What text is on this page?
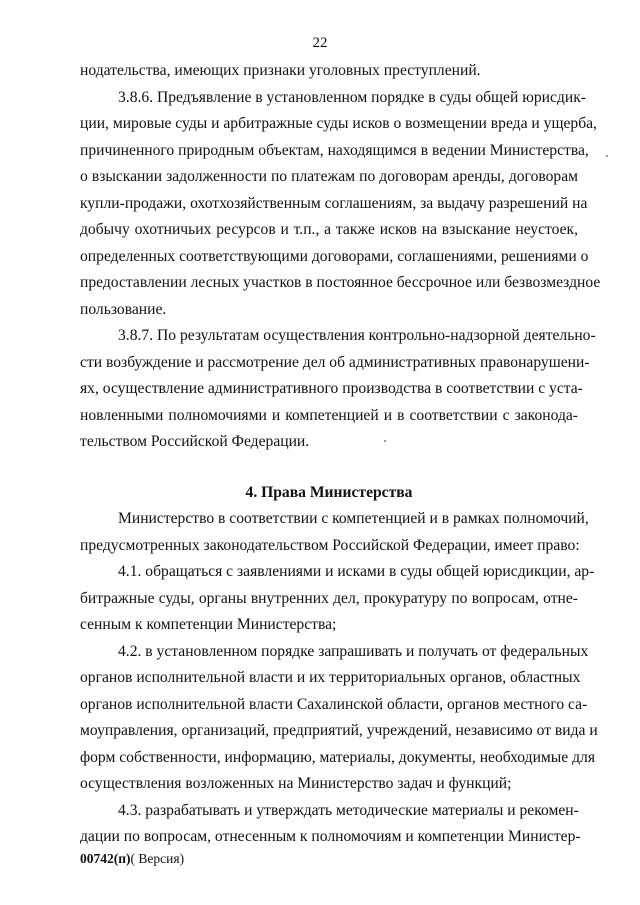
22

нодательства, имеющих признаки уголовных преступлений.

3.8.6. Предъявление в установленном порядке в суды общей юрисдик-
ции, мировые суды и арбитражные суды исков о возмещении вреда и ущерба,
причиненного природным объектам, находящимся в ведении Министерства,
о взыскании задолженности по платежам по договорам аренды, договорам
купли-продажи, охотхозяйственным соглашениям, за выдачу разрешений на
добычу охотничьих ресурсов и т.п., а также исков на взыскание неустоек,
определенных соответствующими договорами, соглашениями, решениями о
предоставлении лесных участков в постоянное бессрочное или безвозмездное
пользование.

3.8.7. По результатам осуществления контрольно-надзорной деятельно-
сти возбуждение и рассмотрение дел об административных правонарушени-
ях, осуществление административного производства в соответствии с уста-
новленными полномочиями и компетенцией и в соответствии с законода-
тельством Российской Федерации.

4. Права Министерства

Министерство в соответствии с компетенцией и в рамках полномочий,
предусмотренных законодательством Российской Федерации, имеет право:

4.1. обращаться с заявлениями и исками в суды общей юрисдикции, ар-
битражные суды, органы внутренних дел, прокуратуру по вопросам, отне-
сенным к компетенции Министерства;

4.2. в установленном порядке запрашивать и получать от федеральных
органов исполнительной власти и их территориальных органов, областных
органов исполнительной власти Сахалинской области, органов местного са-
моуправления, организаций, предприятий, учреждений, независимо от вида и
форм собственности, информацию, материалы, документы, необходимые для
осуществления возложенных на Министерство задач и функций;

4.3. разрабатывать и утверждать методические материалы и рекомен-
дации по вопросам, отнесенным к полномочиям и компетенции Министер-

00742(п)( Версия)
